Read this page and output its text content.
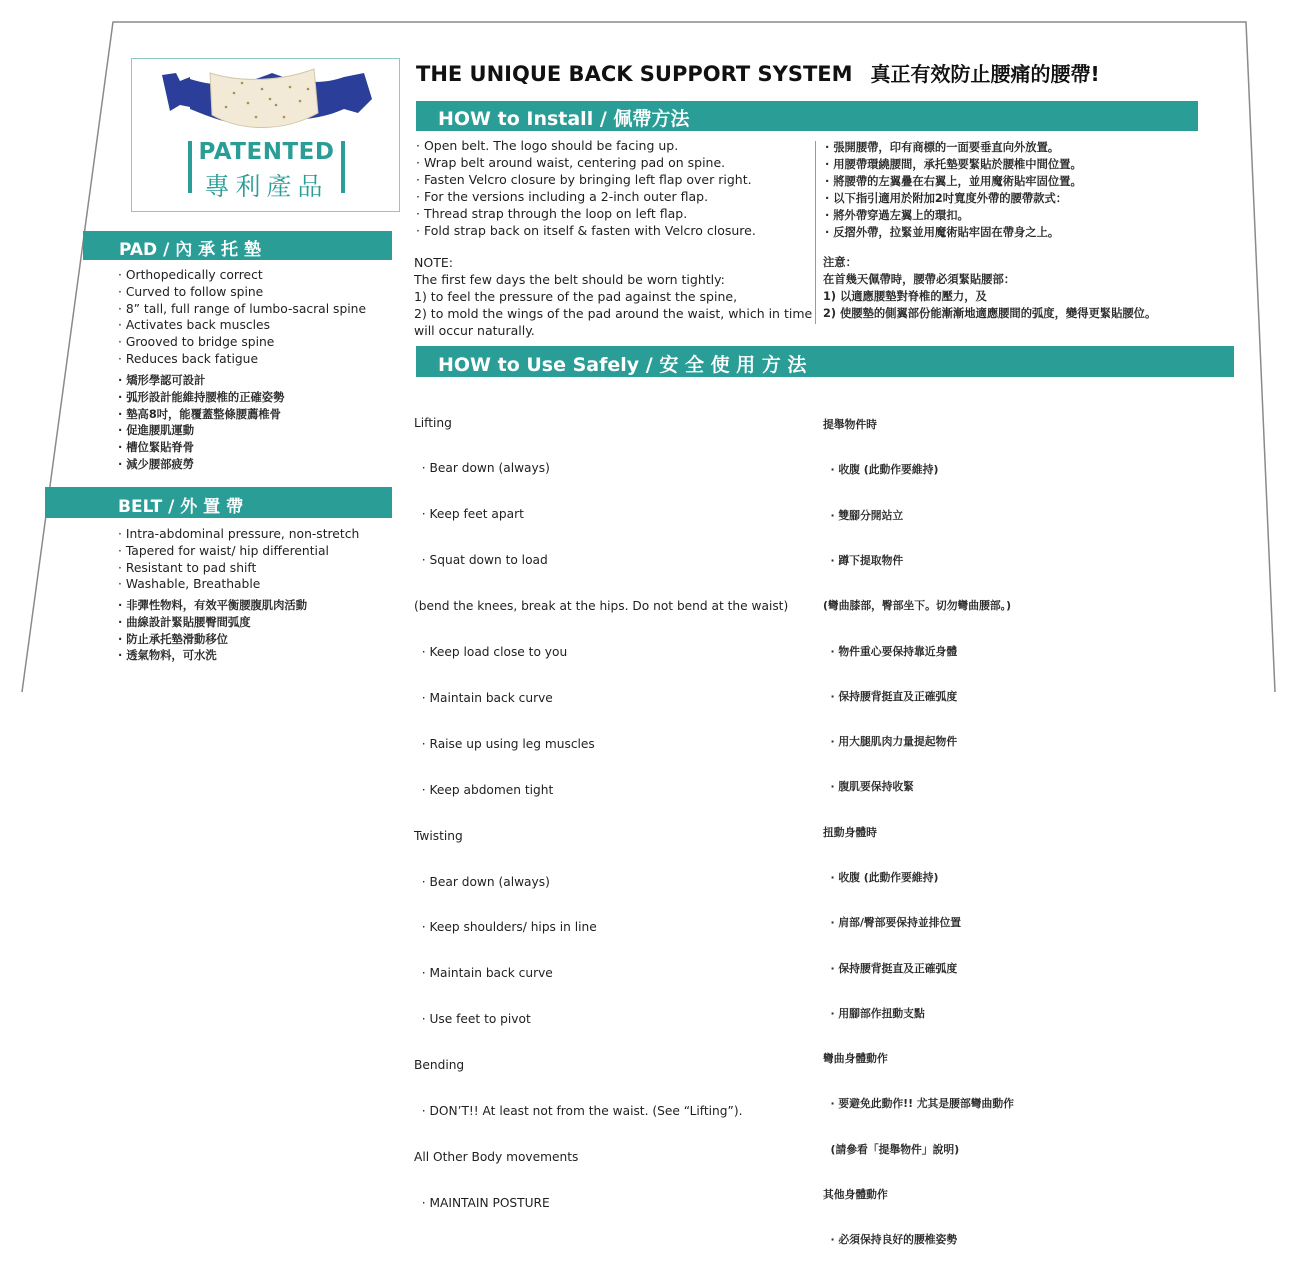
PATENTED
專利產品
THE UNIQUE BACK SUPPORT SYSTEM 真正有效防止腰痛的腰帶!
HOW to Install / 佩帶方法
· Open belt. The logo should be facing up.
· Wrap belt around waist, centering pad on spine.
· Fasten Velcro closure by bringing left flap over right.
· For the versions including a 2-inch outer flap.
· Thread strap through the loop on left flap.
· Fold strap back on itself & fasten with Velcro closure.
· 張開腰帶，印有商標的一面要垂直向外放置。
· 用腰帶環繞腰間，承托墊要緊貼於腰椎中間位置。
· 將腰帶的左翼疊在右翼上，並用魔術貼牢固位置。
· 以下指引適用於附加2吋寬度外帶的腰帶款式：
· 將外帶穿過左翼上的環扣。
· 反摺外帶，拉緊並用魔術貼牢固在帶身之上。
NOTE:
The first few days the belt should be worn tightly:
1) to feel the pressure of the pad against the spine,
2) to mold the wings of the pad around the waist, which in time
will occur naturally.
注意：
在首幾天佩帶時，腰帶必須緊貼腰部：
1) 以適應腰墊對脊椎的壓力，及
2) 使腰墊的側翼部份能漸漸地適應腰間的弧度，變得更緊貼腰位。
PAD / 內 承 托 墊
· Orthopedically correct
· Curved to follow spine
· 8” tall, full range of lumbo-sacral spine
· Activates back muscles
· Grooved to bridge spine
· Reduces back fatigue
· 矯形學認可設計
· 弧形設計能維持腰椎的正確姿勢
· 墊高8吋，能覆蓋整條腰薦椎骨
· 促進腰肌運動
· 槽位緊貼脊骨
· 減少腰部疲勞
BELT / 外 置 帶
· Intra-abdominal pressure, non-stretch
· Tapered for waist/ hip differential
· Resistant to pad shift
· Washable, Breathable
· 非彈性物料，有效平衡腰腹肌肉活動
· 曲線設計緊貼腰臀間弧度
· 防止承托墊滑動移位
· 透氣物料，可水洗
HOW to Use Safely / 安 全 使 用 方 法

Lifting

· Bear down (always)

· Keep feet apart

· Squat down to load

(bend the knees, break at the hips. Do not bend at the waist)

· Keep load close to you

· Maintain back curve

· Raise up using leg muscles

· Keep abdomen tight

Twisting

· Bear down (always)

· Keep shoulders/ hips in line

· Maintain back curve

· Use feet to pivot

Bending

· DON’T!! At least not from the waist. (See “Lifting”).

All Other Body movements

· MAINTAIN POSTURE

提舉物件時

· 收腹 (此動作要維持)

· 雙腳分開站立

· 蹲下提取物件

(彎曲膝部，臀部坐下。切勿彎曲腰部。)

· 物件重心要保持靠近身體

· 保持腰背挺直及正確弧度

· 用大腿肌肉力量提起物件

· 腹肌要保持收緊

扭動身體時

· 收腹 (此動作要維持)

· 肩部/臀部要保持並排位置

· 保持腰背挺直及正確弧度

· 用腳部作扭動支點

彎曲身體動作

· 要避免此動作!! 尤其是腰部彎曲動作

(請參看「提舉物件」說明)

其他身體動作

· 必須保持良好的腰椎姿勢
